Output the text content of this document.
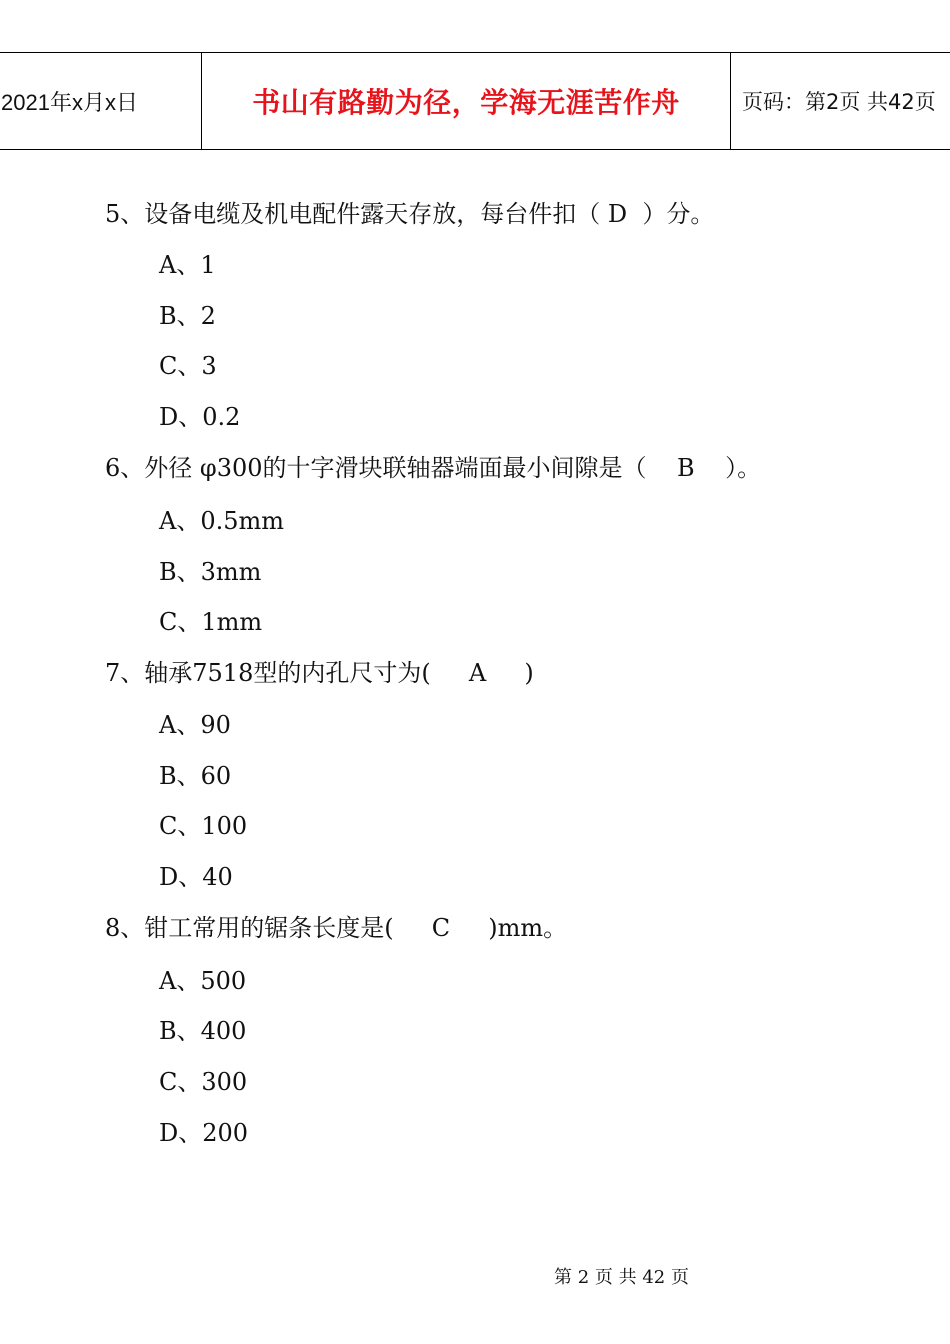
2021年x月x日	书山有路勤为径，学海无涯苦作舟	页码：第2页 共42页
5、设备电缆及机电配件露天存放，每台件扣（ D  ）分。
A、1
B、2
C、3
D、0.2
6、外径 φ300的十字滑块联轴器端面最小间隙是（    B    ）。
A、0.5mm
B、3mm
C、1mm
7、轴承7518型的内孔尺寸为(     A     )
A、90
B、60
C、100
D、40
8、钳工常用的锯条长度是(     C     )mm。
A、500
B、400
C、300
D、200
第 2 页 共 42 页
